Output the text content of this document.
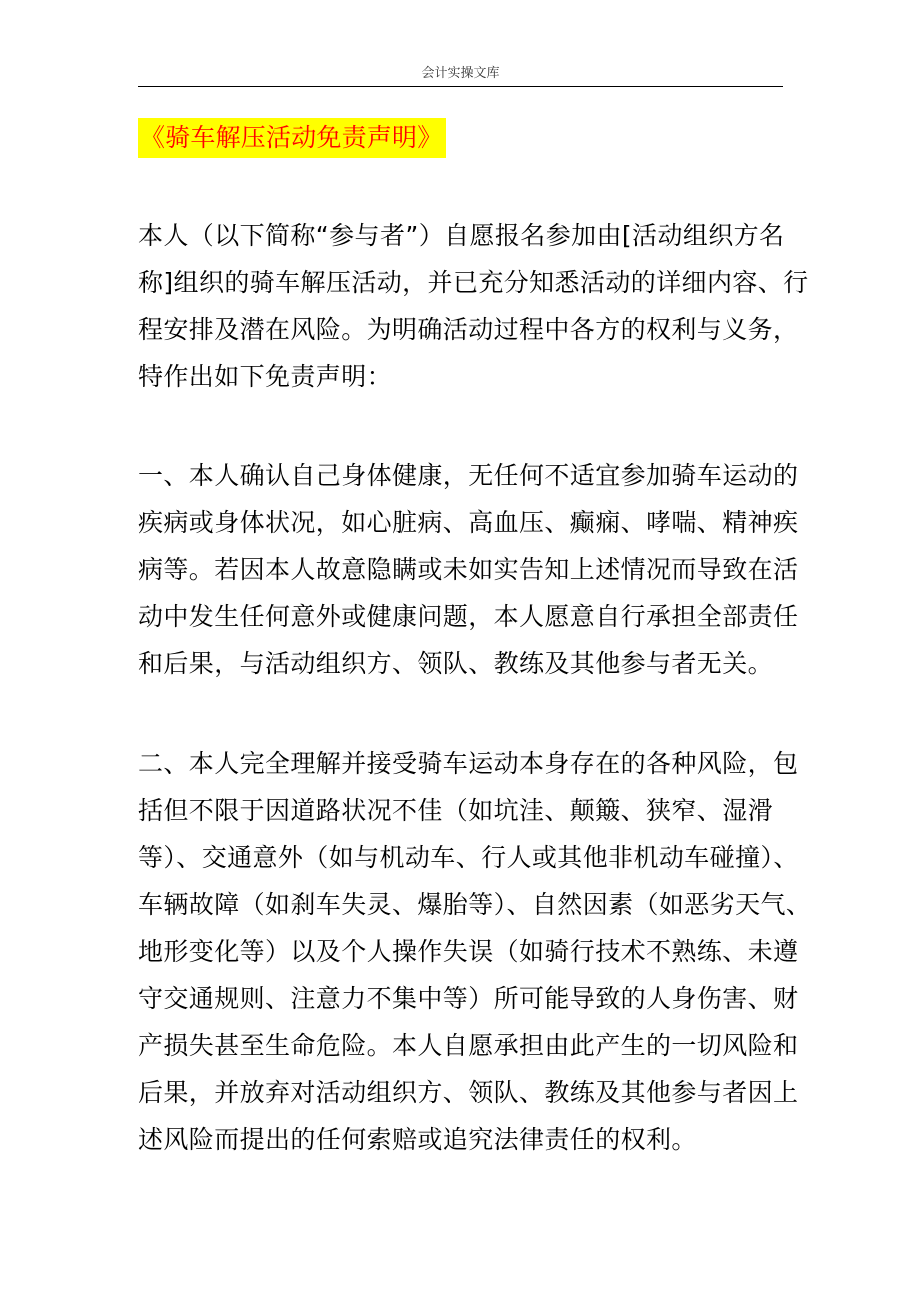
会计实操文库
《骑车解压活动免责声明》

本人（以下简称“参与者”）自愿报名参加由[活动组织方名
称]组织的骑车解压活动，并已充分知悉活动的详细内容、行
程安排及潜在风险。为明确活动过程中各方的权利与义务，
特作出如下免责声明：

一、本人确认自己身体健康，无任何不适宜参加骑车运动的
疾病或身体状况，如心脏病、高血压、癫痫、哮喘、精神疾
病等。若因本人故意隐瞒或未如实告知上述情况而导致在活
动中发生任何意外或健康问题，本人愿意自行承担全部责任
和后果，与活动组织方、领队、教练及其他参与者无关。

二、本人完全理解并接受骑车运动本身存在的各种风险，包
括但不限于因道路状况不佳（如坑洼、颠簸、狭窄、湿滑
等）、交通意外（如与机动车、行人或其他非机动车碰撞）、
车辆故障（如刹车失灵、爆胎等）、自然因素（如恶劣天气、
地形变化等）以及个人操作失误（如骑行技术不熟练、未遵
守交通规则、注意力不集中等）所可能导致的人身伤害、财
产损失甚至生命危险。本人自愿承担由此产生的一切风险和
后果，并放弃对活动组织方、领队、教练及其他参与者因上
述风险而提出的任何索赔或追究法律责任的权利。
